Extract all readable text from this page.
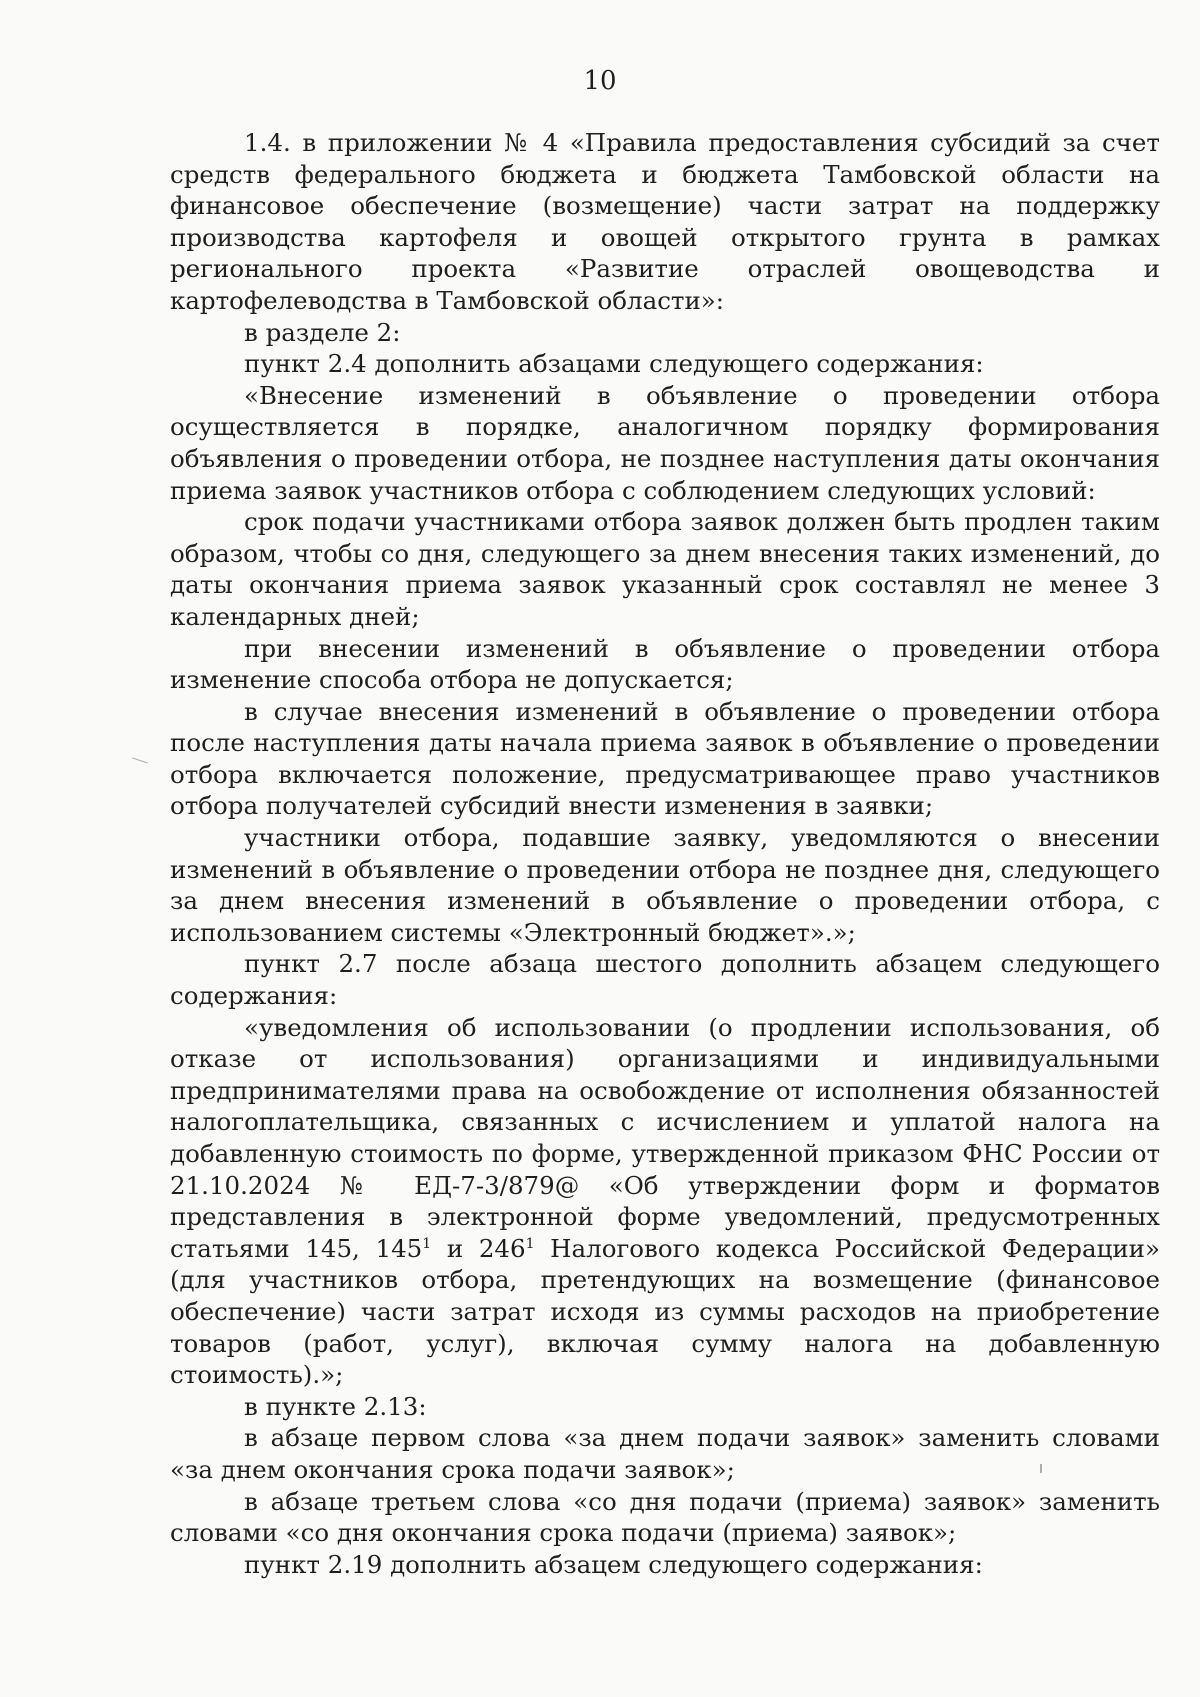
10

1.4. в приложении № 4 «Правила предоставления субсидий за счет средств федерального бюджета и бюджета Тамбовской области на финансовое обеспечение (возмещение) части затрат на поддержку производства картофеля и овощей открытого грунта в рамках регионального проекта «Развитие отраслей овощеводства и картофелеводства в Тамбовской области»:

в разделе 2:

пункт 2.4 дополнить абзацами следующего содержания:

«Внесение изменений в объявление о проведении отбора осуществляется в порядке, аналогичном порядку формирования объявления о проведении отбора, не позднее наступления даты окончания приема заявок участников отбора с соблюдением следующих условий:

срок подачи участниками отбора заявок должен быть продлен таким образом, чтобы со дня, следующего за днем внесения таких изменений, до даты окончания приема заявок указанный срок составлял не менее 3 календарных дней;

при внесении изменений в объявление о проведении отбора изменение способа отбора не допускается;

в случае внесения изменений в объявление о проведении отбора после наступления даты начала приема заявок в объявление о проведении отбора включается положение, предусматривающее право участников отбора получателей субсидий внести изменения в заявки;

участники отбора, подавшие заявку, уведомляются о внесении изменений в объявление о проведении отбора не позднее дня, следующего за днем внесения изменений в объявление о проведении отбора, с использованием системы «Электронный бюджет».»;

пункт 2.7 после абзаца шестого дополнить абзацем следующего содержания:

«уведомления об использовании (о продлении использования, об отказе от использования) организациями и индивидуальными предпринимателями права на освобождение от исполнения обязанностей налогоплательщика, связанных с исчислением и уплатой налога на добавленную стоимость по форме, утвержденной приказом ФНС России от 21.10.2024 № ЕД-7-3/879@ «Об утверждении форм и форматов представления в электронной форме уведомлений, предусмотренных статьями 145, $145^1$ и $246^1$ Налогового кодекса Российской Федерации» (для участников отбора, претендующих на возмещение (финансовое обеспечение) части затрат исходя из суммы расходов на приобретение товаров (работ, услуг), включая сумму налога на добавленную стоимость).»;

в пункте 2.13:

в абзаце первом слова «за днем подачи заявок» заменить словами «за днем окончания срока подачи заявок»;

в абзаце третьем слова «со дня подачи (приема) заявок» заменить словами «со дня окончания срока подачи (приема) заявок»;

пункт 2.19 дополнить абзацем следующего содержания:
